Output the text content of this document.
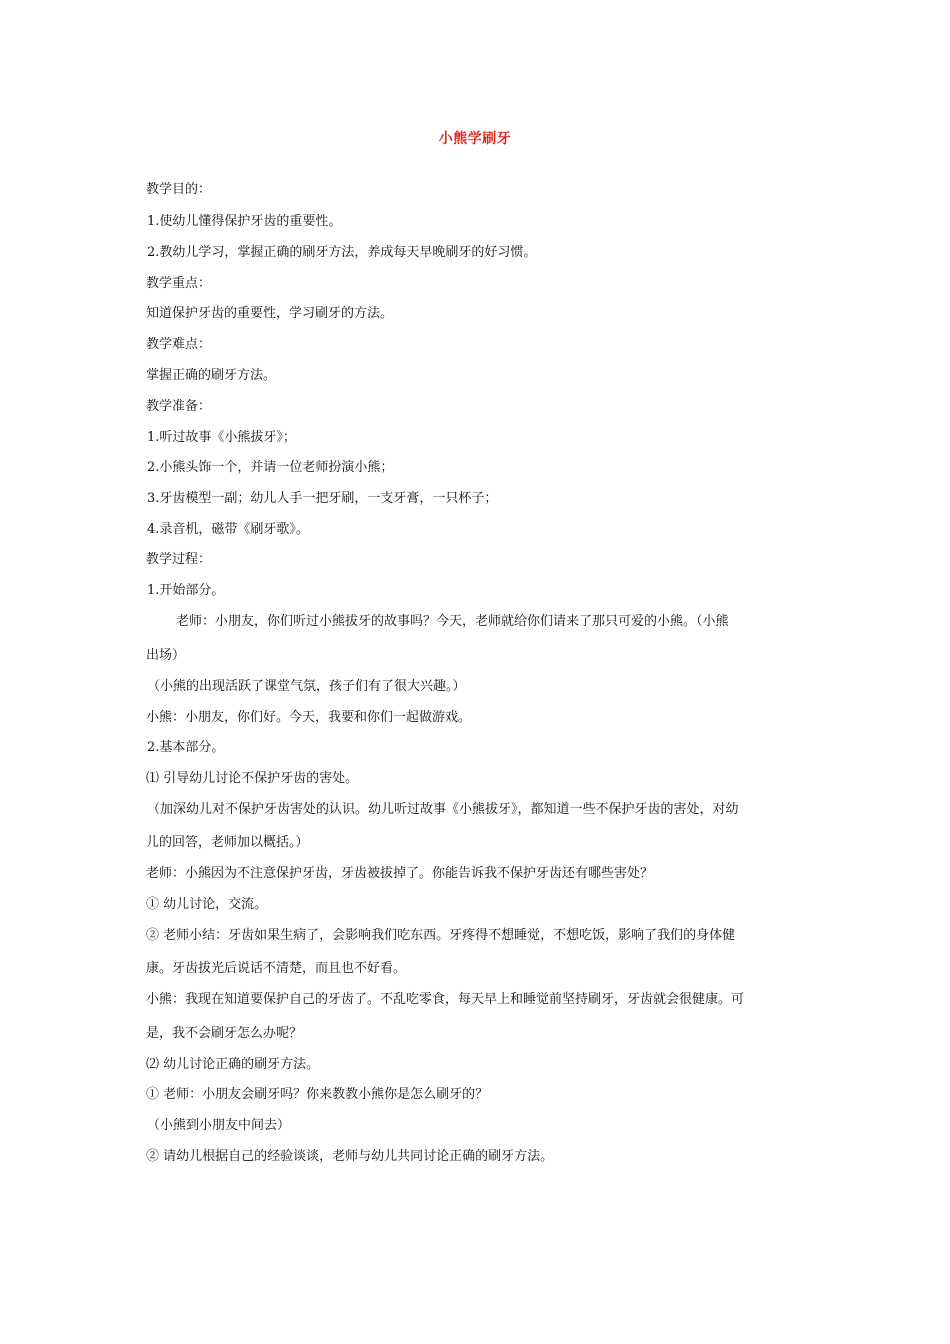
小熊学刷牙
教学目的：
1.使幼儿懂得保护牙齿的重要性。
2.教幼儿学习，掌握正确的刷牙方法，养成每天早晚刷牙的好习惯。
教学重点：
知道保护牙齿的重要性，学习刷牙的方法。
教学难点：
掌握正确的刷牙方法。
教学准备：
1.听过故事《小熊拔牙》；
2.小熊头饰一个，并请一位老师扮演小熊；
3.牙齿模型一副；幼儿人手一把牙刷，一支牙膏，一只杯子；
4.录音机，磁带《刷牙歌》。
教学过程：
1.开始部分。
老师：小朋友，你们听过小熊拔牙的故事吗？今天，老师就给你们请来了那只可爱的小熊。（小熊
出场）
（小熊的出现活跃了课堂气氛，孩子们有了很大兴趣。）
小熊：小朋友，你们好。今天，我要和你们一起做游戏。
2.基本部分。
⑴ 引导幼儿讨论不保护牙齿的害处。
（加深幼儿对不保护牙齿害处的认识。幼儿听过故事《小熊拔牙》，都知道一些不保护牙齿的害处，对幼
儿的回答，老师加以概括。）
老师：小熊因为不注意保护牙齿，牙齿被拔掉了。你能告诉我不保护牙齿还有哪些害处？
① 幼儿讨论，交流。
② 老师小结：牙齿如果生病了，会影响我们吃东西。牙疼得不想睡觉，不想吃饭，影响了我们的身体健
康。牙齿拔光后说话不清楚，而且也不好看。
小熊：我现在知道要保护自己的牙齿了。不乱吃零食，每天早上和睡觉前坚持刷牙，牙齿就会很健康。可
是，我不会刷牙怎么办呢？
⑵ 幼儿讨论正确的刷牙方法。
① 老师：小朋友会刷牙吗？你来教教小熊你是怎么刷牙的？
（小熊到小朋友中间去）
② 请幼儿根据自己的经验谈谈，老师与幼儿共同讨论正确的刷牙方法。
